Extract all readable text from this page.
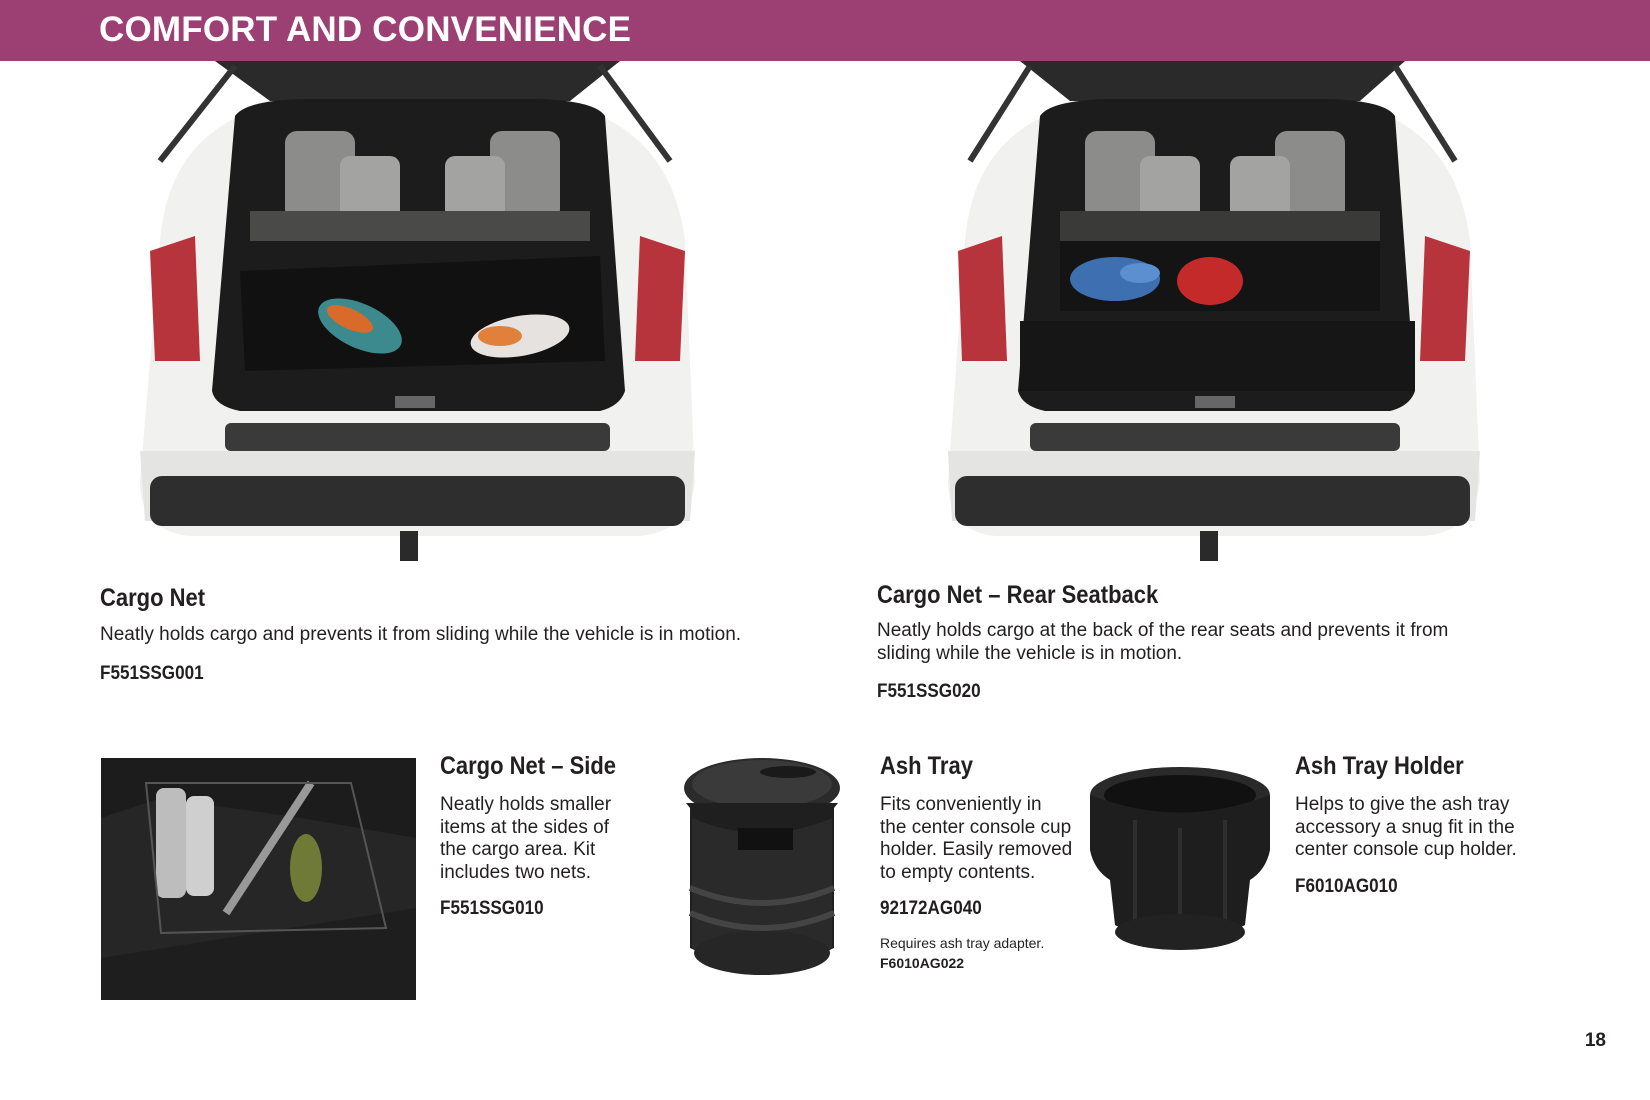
COMFORT AND CONVENIENCE
Cargo Net
Neatly holds cargo and prevents it from sliding while the vehicle is in motion.
F551SSG001
Cargo Net – Rear Seatback
Neatly holds cargo at the back of the rear seats and prevents it from
sliding while the vehicle is in motion.
F551SSG020
Cargo Net – Side
Neatly holds smaller
items at the sides of
the cargo area. Kit
includes two nets.
F551SSG010
Ash Tray
Fits conveniently in
the center console cup
holder. Easily removed
to empty contents.
92172AG040
Requires ash tray adapter.
F6010AG022
Ash Tray Holder
Helps to give the ash tray
accessory a snug fit in the
center console cup holder.
F6010AG010
18
